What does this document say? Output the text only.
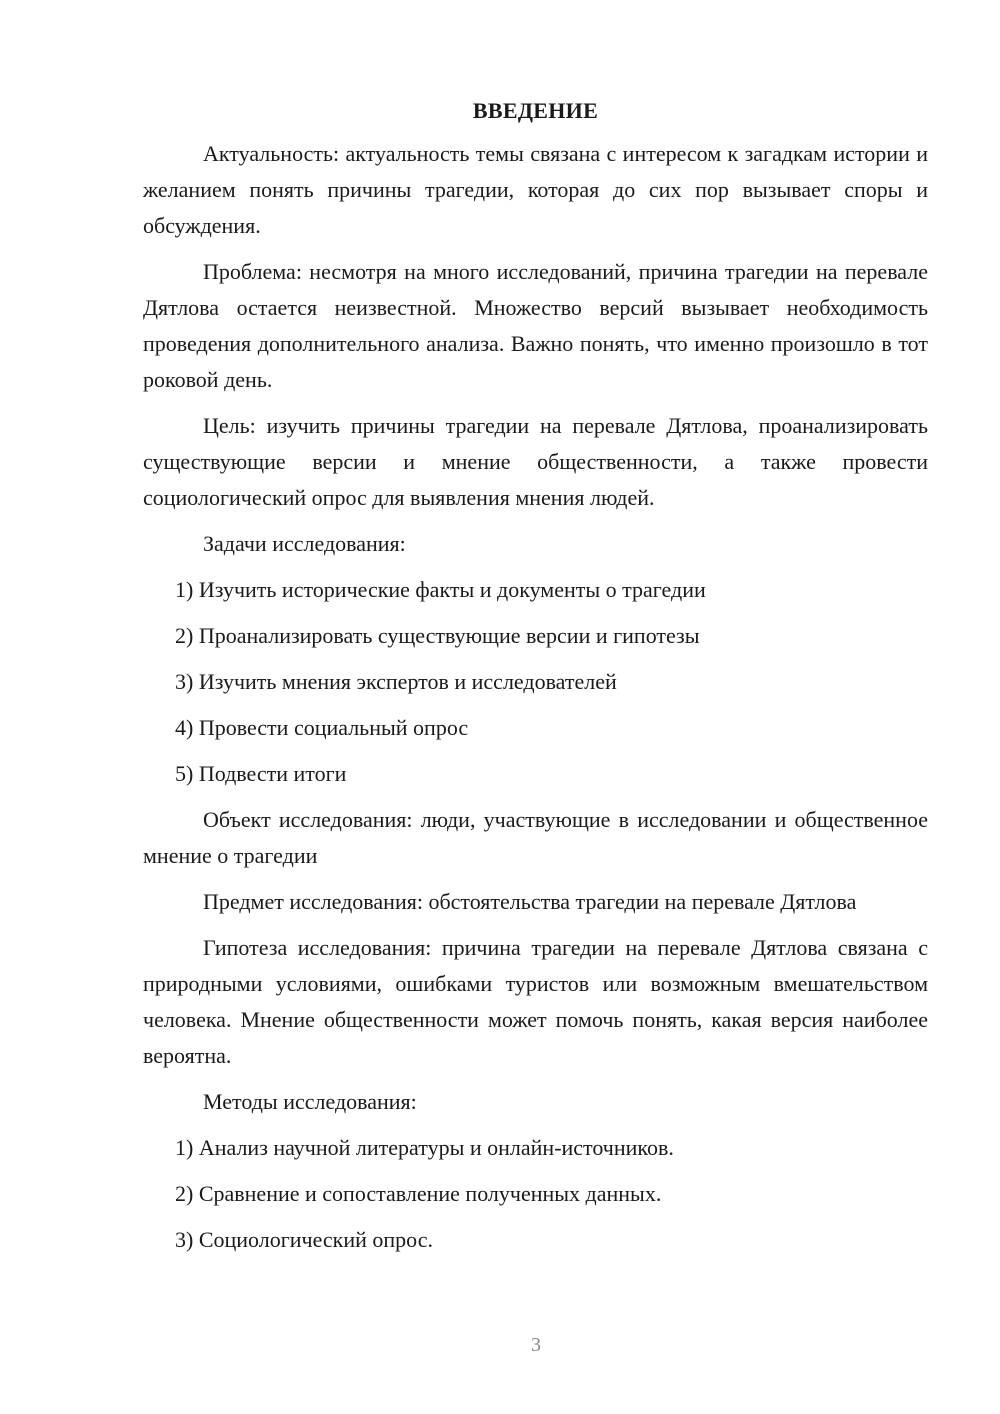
ВВЕДЕНИЕ

Актуальность: актуальность темы связана с интересом к загадкам истории и желанием понять причины трагедии, которая до сих пор вызывает споры и обсуждения.

Проблема: несмотря на много исследований, причина трагедии на перевале Дятлова остается неизвестной. Множество версий вызывает необходимость проведения дополнительного анализа. Важно понять, что именно произошло в тот роковой день.

Цель: изучить причины трагедии на перевале Дятлова, проанализировать существующие версии и мнение общественности, а также провести социологический опрос для выявления мнения людей.

Задачи исследования:

1) Изучить исторические факты и документы о трагедии
2) Проанализировать существующие версии и гипотезы
3) Изучить мнения экспертов и исследователей
4) Провести социальный опрос
5) Подвести итоги

Объект исследования: люди, участвующие в исследовании и общественное мнение о трагедии

Предмет исследования: обстоятельства трагедии на перевале Дятлова

Гипотеза исследования: причина трагедии на перевале Дятлова связана с природными условиями, ошибками туристов или возможным вмешательством человека. Мнение общественности может помочь понять, какая версия наиболее вероятна.

Методы исследования:

1) Анализ научной литературы и онлайн-источников.
2) Сравнение и сопоставление полученных данных.
3) Социологический опрос.
3
